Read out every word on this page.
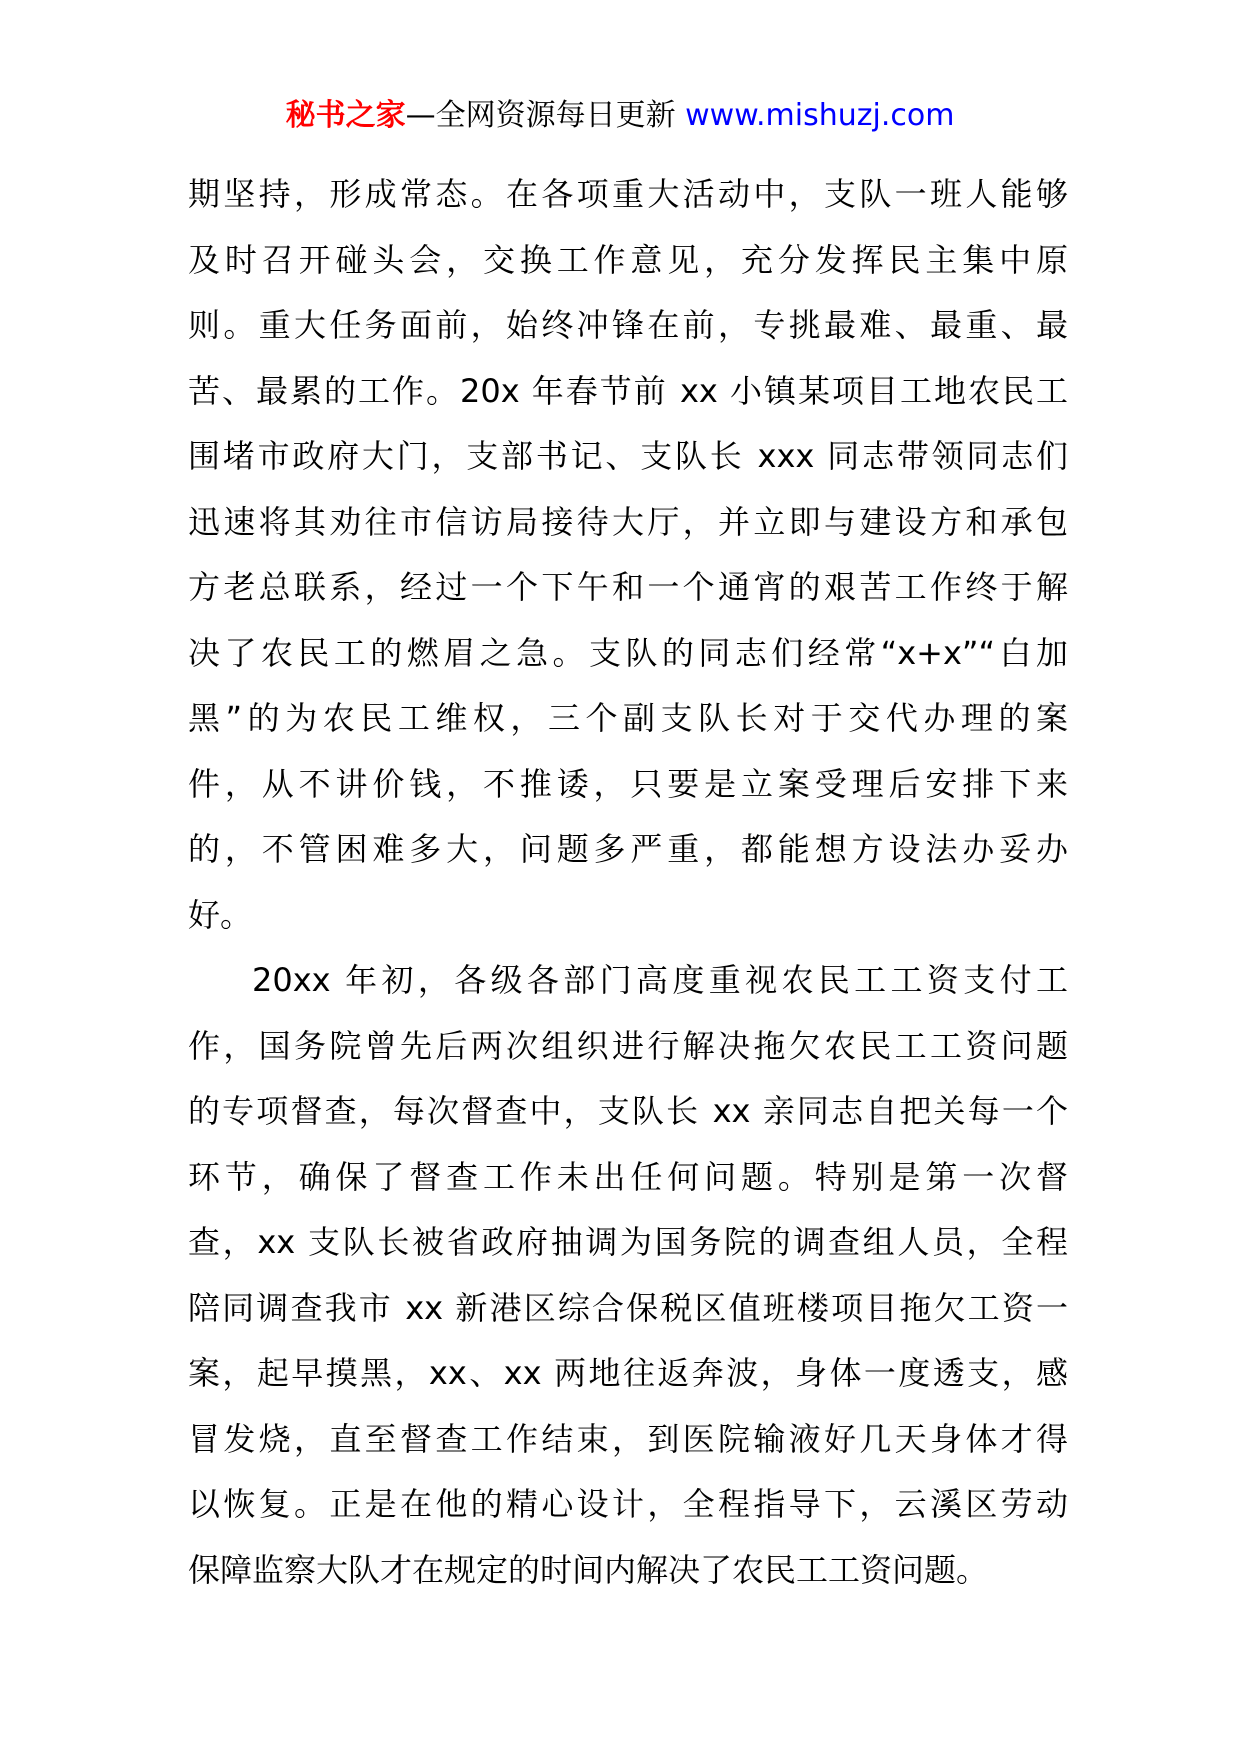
秘书之家—全网资源每日更新 www.mishuzj.com
期坚持，形成常态。在各项重大活动中，支队一班人能够
及时召开碰头会，交换工作意见，充分发挥民主集中原
则。重大任务面前，始终冲锋在前，专挑最难、最重、最
苦、最累的工作。20x 年春节前 xx 小镇某项目工地农民工
围堵市政府大门，支部书记、支队长 xxx 同志带领同志们
迅速将其劝往市信访局接待大厅，并立即与建设方和承包
方老总联系，经过一个下午和一个通宵的艰苦工作终于解
决了农民工的燃眉之急。支队的同志们经常“x+x”“白加
黑”的为农民工维权，三个副支队长对于交代办理的案
件，从不讲价钱，不推诿，只要是立案受理后安排下来
的，不管困难多大，问题多严重，都能想方设法办妥办
好。
20xx 年初，各级各部门高度重视农民工工资支付工
作，国务院曾先后两次组织进行解决拖欠农民工工资问题
的专项督查，每次督查中，支队长 xx 亲同志自把关每一个
环节，确保了督查工作未出任何问题。特别是第一次督
查，xx 支队长被省政府抽调为国务院的调查组人员，全程
陪同调查我市 xx 新港区综合保税区值班楼项目拖欠工资一
案，起早摸黑，xx、xx 两地往返奔波，身体一度透支，感
冒发烧，直至督查工作结束，到医院输液好几天身体才得
以恢复。正是在他的精心设计，全程指导下，云溪区劳动
保障监察大队才在规定的时间内解决了农民工工资问题。
